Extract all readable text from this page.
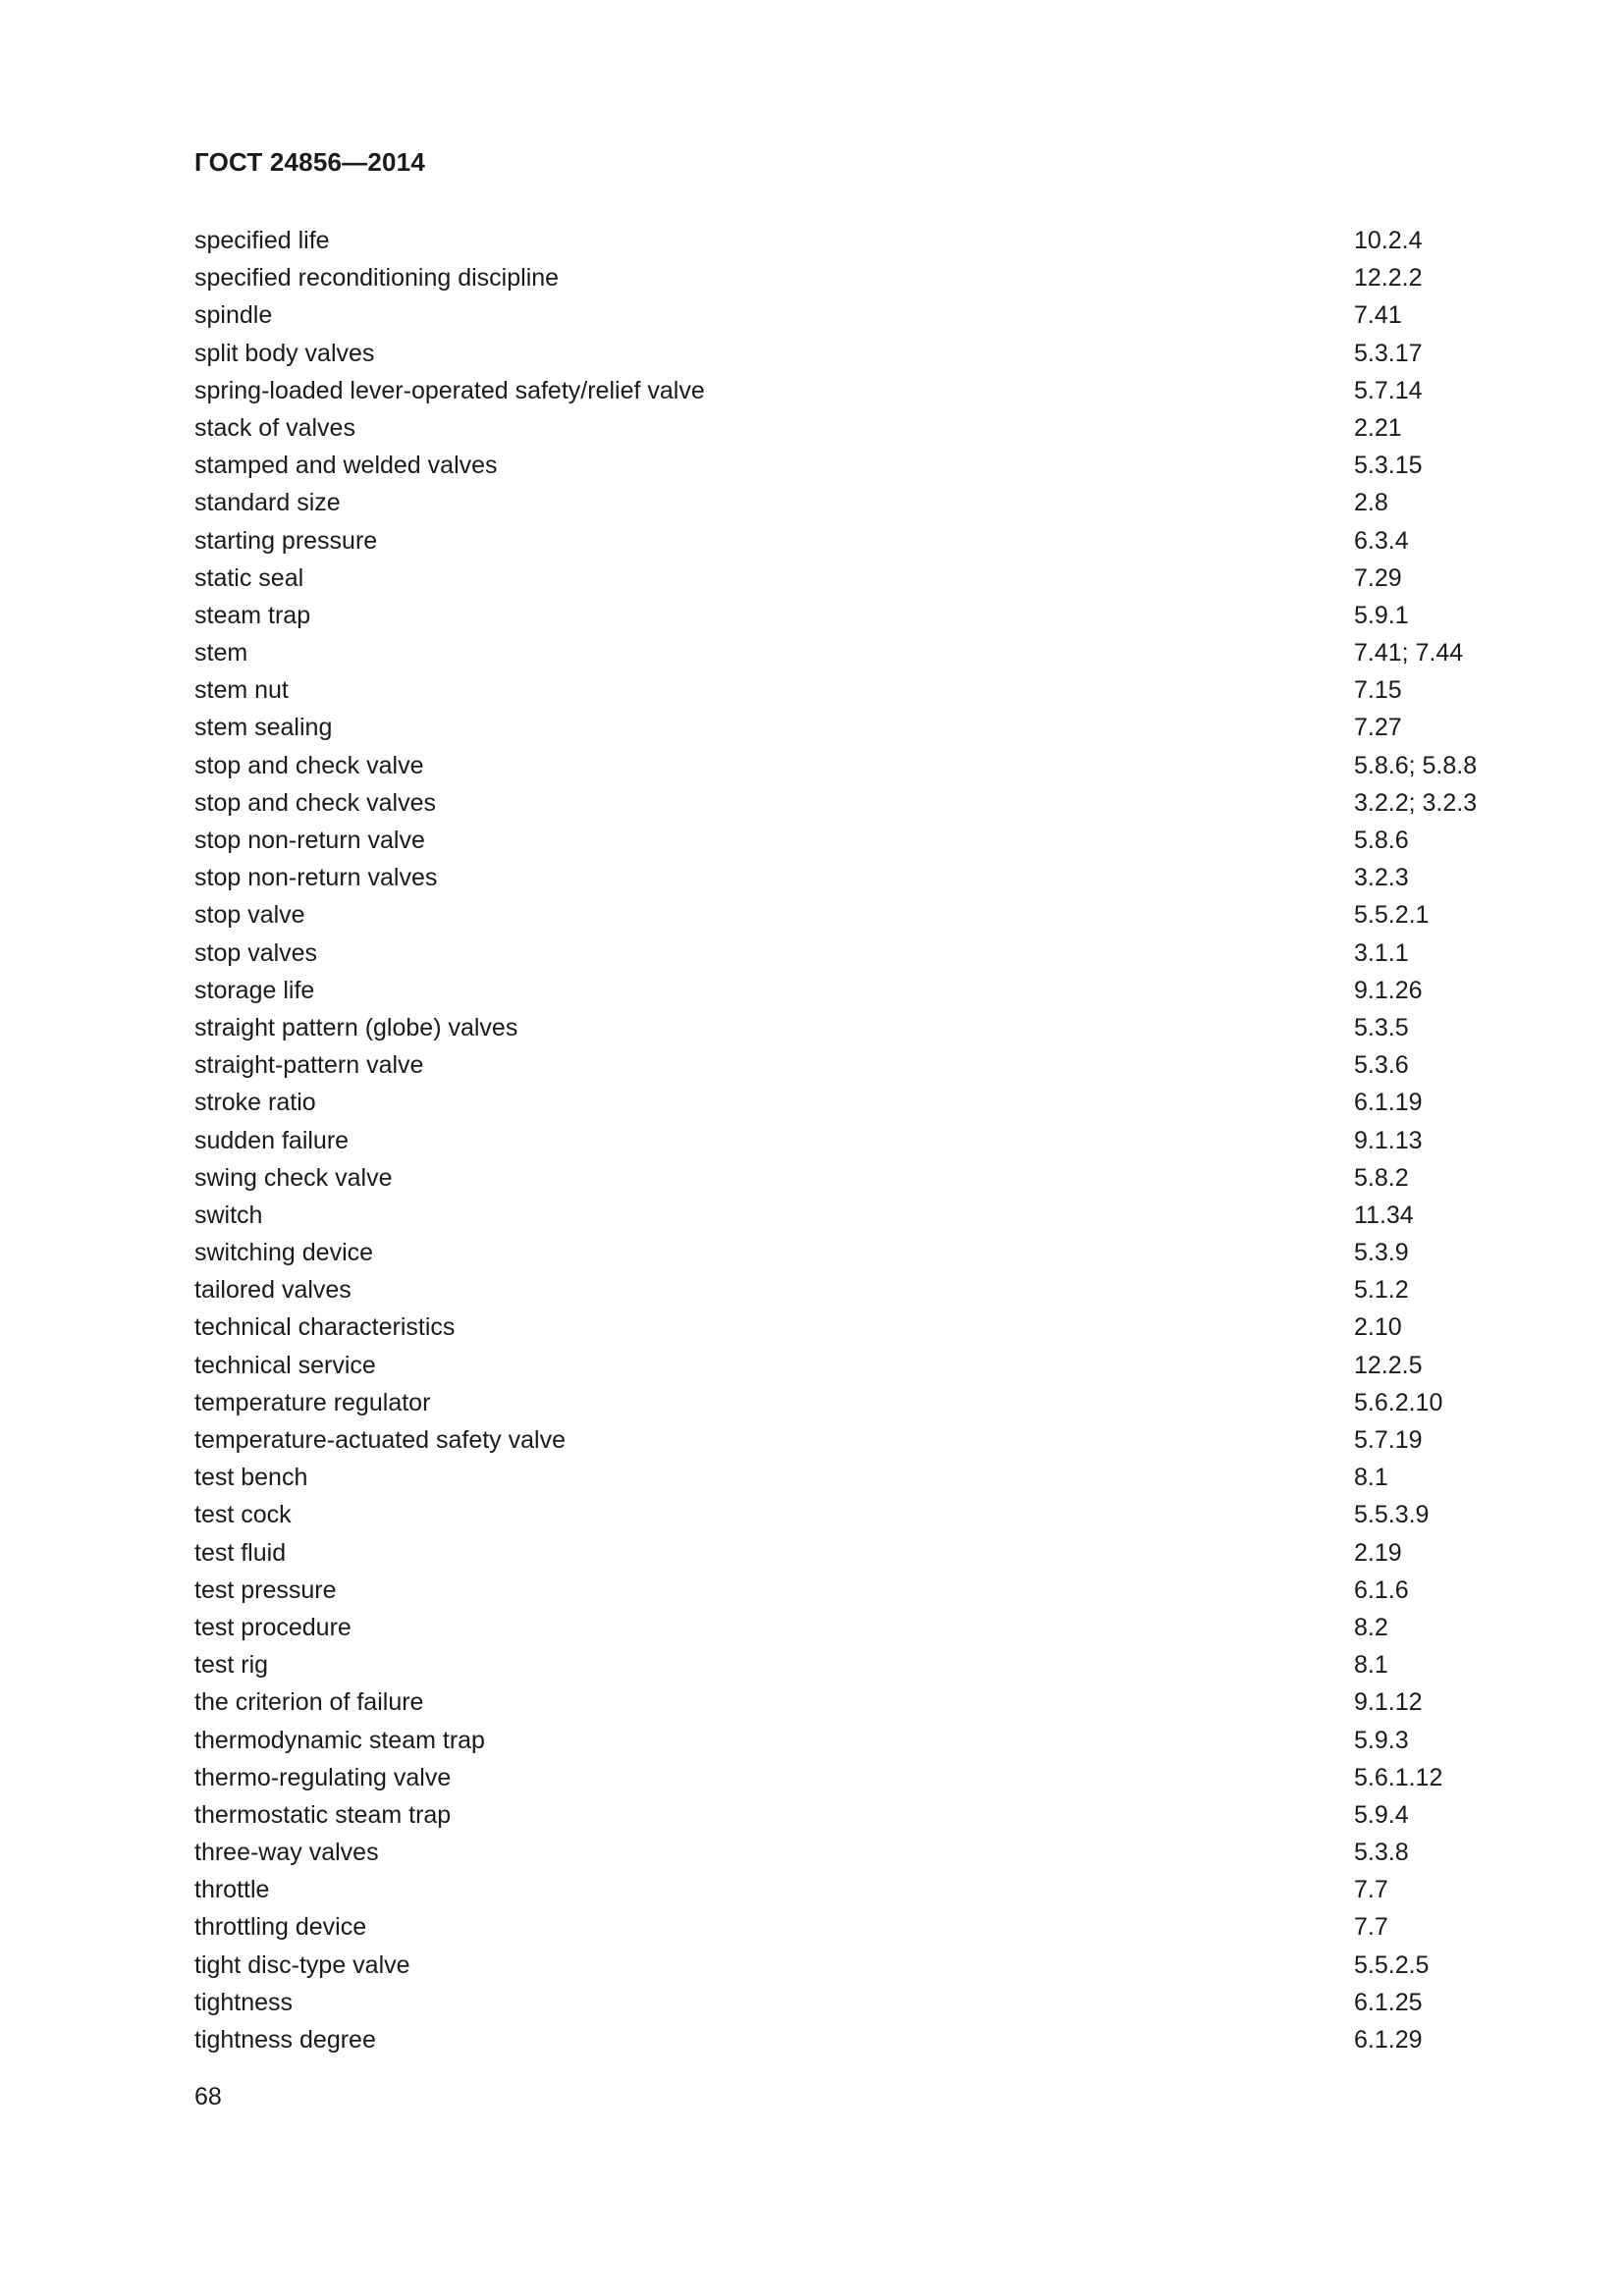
ГОСТ 24856—2014
specified life	10.2.4
specified reconditioning discipline	12.2.2
spindle	7.41
split body valves	5.3.17
spring-loaded lever-operated safety/relief valve	5.7.14
stack of valves	2.21
stamped and welded valves	5.3.15
standard size	2.8
starting pressure	6.3.4
static seal	7.29
steam trap	5.9.1
stem	7.41; 7.44
stem nut	7.15
stem sealing	7.27
stop and check valve	5.8.6; 5.8.8
stop and check valves	3.2.2; 3.2.3
stop non-return valve	5.8.6
stop non-return valves	3.2.3
stop valve	5.5.2.1
stop valves	3.1.1
storage life	9.1.26
straight pattern (globe) valves	5.3.5
straight-pattern valve	5.3.6
stroke ratio	6.1.19
sudden failure	9.1.13
swing check valve	5.8.2
switch	11.34
switching device	5.3.9
tailored valves	5.1.2
technical characteristics	2.10
technical service	12.2.5
temperature regulator	5.6.2.10
temperature-actuated safety valve	5.7.19
test bench	8.1
test cock	5.5.3.9
test fluid	2.19
test pressure	6.1.6
test procedure	8.2
test rig	8.1
the criterion of failure	9.1.12
thermodynamic steam trap	5.9.3
thermo-regulating valve	5.6.1.12
thermostatic steam trap	5.9.4
three-way valves	5.3.8
throttle	7.7
throttling device	7.7
tight disc-type valve	5.5.2.5
tightness	6.1.25
tightness degree	6.1.29
68
